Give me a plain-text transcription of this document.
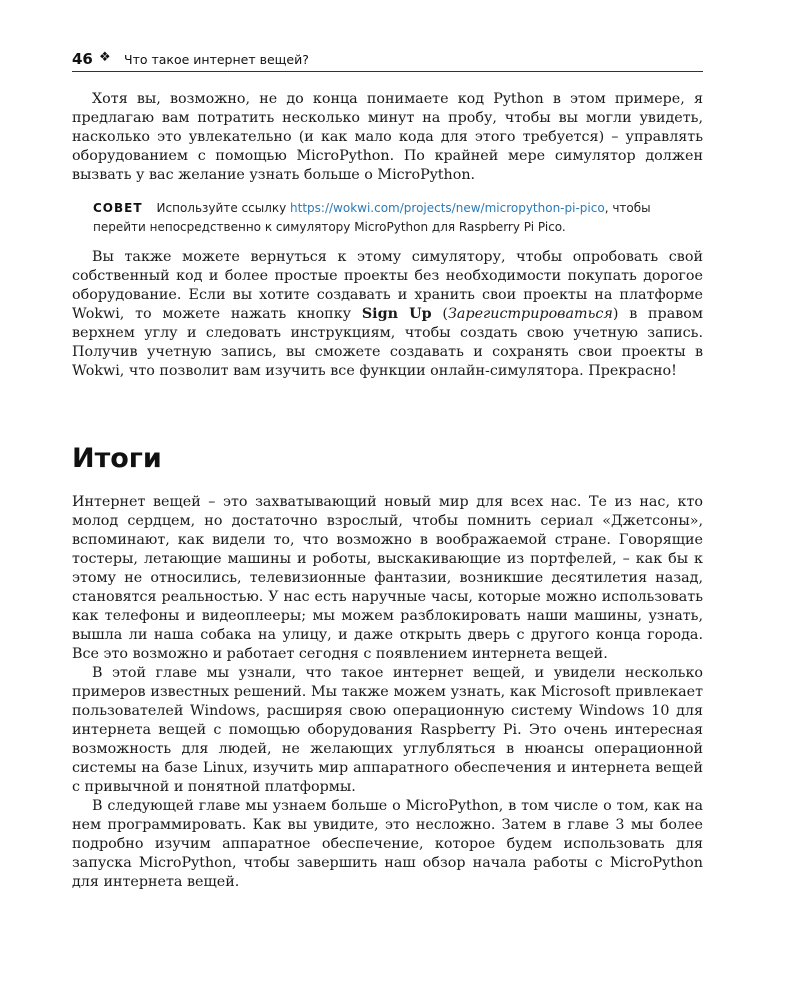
46 ❖ Что такое интернет вещей?

Хотя вы, возможно, не до конца понимаете код Python в этом примере, я предлагаю вам потратить несколько минут на пробу, чтобы вы могли увидеть, насколько это увлекательно (и как мало кода для этого требуется) – управлять оборудованием с помощью MicroPython. По крайней мере симулятор должен вызвать у вас желание узнать больше о MicroPython.

СОВЕТ Используйте ссылку https://wokwi.com/projects/new/micropython-pi-pico, чтобы перейти непосредственно к симулятору MicroPython для Raspberry Pi Pico.

Вы также можете вернуться к этому симулятору, чтобы опробовать свой собственный код и более простые проекты без необходимости покупать дорогое оборудование. Если вы хотите создавать и хранить свои проекты на платформе Wokwi, то можете нажать кнопку Sign Up (Зарегистрироваться) в правом верхнем углу и следовать инструкциям, чтобы создать свою учетную запись. Получив учетную запись, вы сможете создавать и сохранять свои проекты в Wokwi, что позволит вам изучить все функции онлайн-симулятора. Прекрасно!

Итоги

Интернет вещей – это захватывающий новый мир для всех нас. Те из нас, кто молод сердцем, но достаточно взрослый, чтобы помнить сериал «Джетсоны», вспоминают, как видели то, что возможно в воображаемой стране. Говорящие тостеры, летающие машины и роботы, выскакивающие из портфелей, – как бы к этому не относились, телевизионные фантазии, возникшие десятилетия назад, становятся реальностью. У нас есть наручные часы, которые можно использовать как телефоны и видеоплееры; мы можем разблокировать наши машины, узнать, вышла ли наша собака на улицу, и даже открыть дверь с другого конца города. Все это возможно и работает сегодня с появлением интернета вещей.

В этой главе мы узнали, что такое интернет вещей, и увидели несколько примеров известных решений. Мы также можем узнать, как Microsoft привлекает пользователей Windows, расширяя свою операционную систему Windows 10 для интернета вещей с помощью оборудования Raspberry Pi. Это очень интересная возможность для людей, не желающих углубляться в нюансы операционной системы на базе Linux, изучить мир аппаратного обеспечения и интернета вещей с привычной и понятной платформы.

В следующей главе мы узнаем больше о MicroPython, в том числе о том, как на нем программировать. Как вы увидите, это несложно. Затем в главе 3 мы более подробно изучим аппаратное обеспечение, которое будем использовать для запуска MicroPython, чтобы завершить наш обзор начала работы с MicroPython для интернета вещей.
